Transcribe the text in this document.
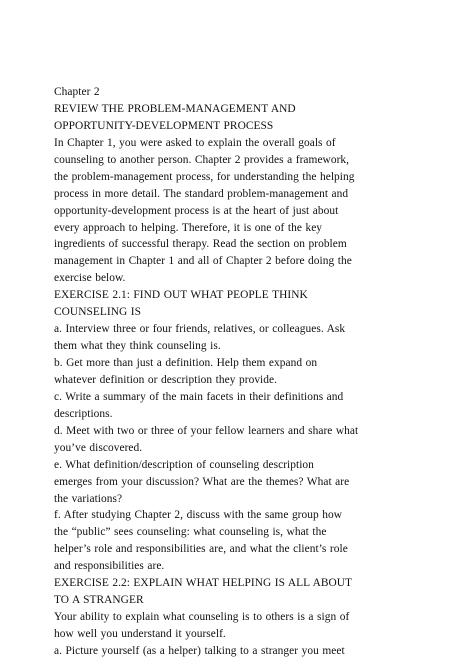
Chapter 2
REVIEW THE PROBLEM-MANAGEMENT AND
OPPORTUNITY-DEVELOPMENT PROCESS
In Chapter 1, you were asked to explain the overall goals of
counseling to another person. Chapter 2 provides a framework,
the problem-management process, for understanding the helping
process in more detail. The standard problem-management and
opportunity-development process is at the heart of just about
every approach to helping. Therefore, it is one of the key
ingredients of successful therapy. Read the section on problem
management in Chapter 1 and all of Chapter 2 before doing the
exercise below.
EXERCISE 2.1: FIND OUT WHAT PEOPLE THINK
COUNSELING IS
a. Interview three or four friends, relatives, or colleagues. Ask
them what they think counseling is.
b. Get more than just a definition. Help them expand on
whatever definition or description they provide.
c. Write a summary of the main facets in their definitions and
descriptions.
d. Meet with two or three of your fellow learners and share what
you’ve discovered.
e. What definition/description of counseling description
emerges from your discussion? What are the themes? What are
the variations?
f. After studying Chapter 2, discuss with the same group how
the “public” sees counseling: what counseling is, what the
helper’s role and responsibilities are, and what the client’s role
and responsibilities are.
EXERCISE 2.2: EXPLAIN WHAT HELPING IS ALL ABOUT
TO A STRANGER
Your ability to explain what counseling is to others is a sign of
how well you understand it yourself.
a. Picture yourself (as a helper) talking to a stranger you meet
